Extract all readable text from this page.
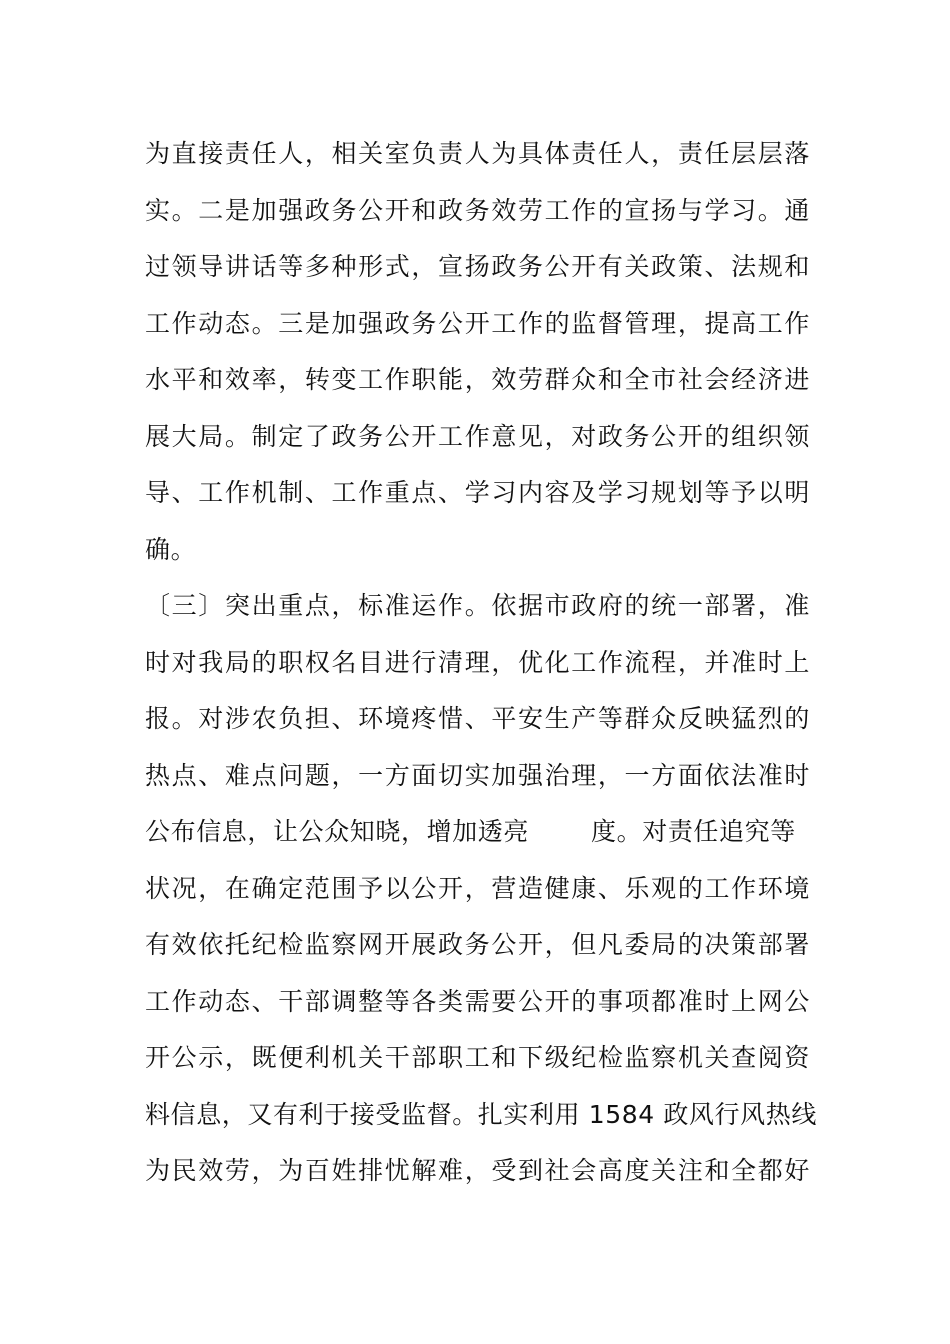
为直接责任人，相关室负责人为具体责任人，责任层层落
实。二是加强政务公开和政务效劳工作的宣扬与学习。通
过领导讲话等多种形式，宣扬政务公开有关政策、法规和
工作动态。三是加强政务公开工作的监督管理，提高工作
水平和效率，转变工作职能，效劳群众和全市社会经济进
展大局。制定了政务公开工作意见，对政务公开的组织领
导、工作机制、工作重点、学习内容及学习规划等予以明
确。
〔三〕突出重点，标准运作。依据市政府的统一部署，准
时对我局的职权名目进行清理，优化工作流程，并准时上
报。对涉农负担、环境疼惜、平安生产等群众反映猛烈的
热点、难点问题，一方面切实加强治理，一方面依法准时
公布信息，让公众知晓，增加透亮 度。对责任追究等
状况，在确定范围予以公开，营造健康、乐观的工作环境
有效依托纪检监察网开展政务公开，但凡委局的决策部署
工作动态、干部调整等各类需要公开的事项都准时上网公
开公示，既便利机关干部职工和下级纪检监察机关查阅资
料信息，又有利于接受监督。扎实利用 1584 政风行风热线
为民效劳，为百姓排忧解难，受到社会高度关注和全都好
